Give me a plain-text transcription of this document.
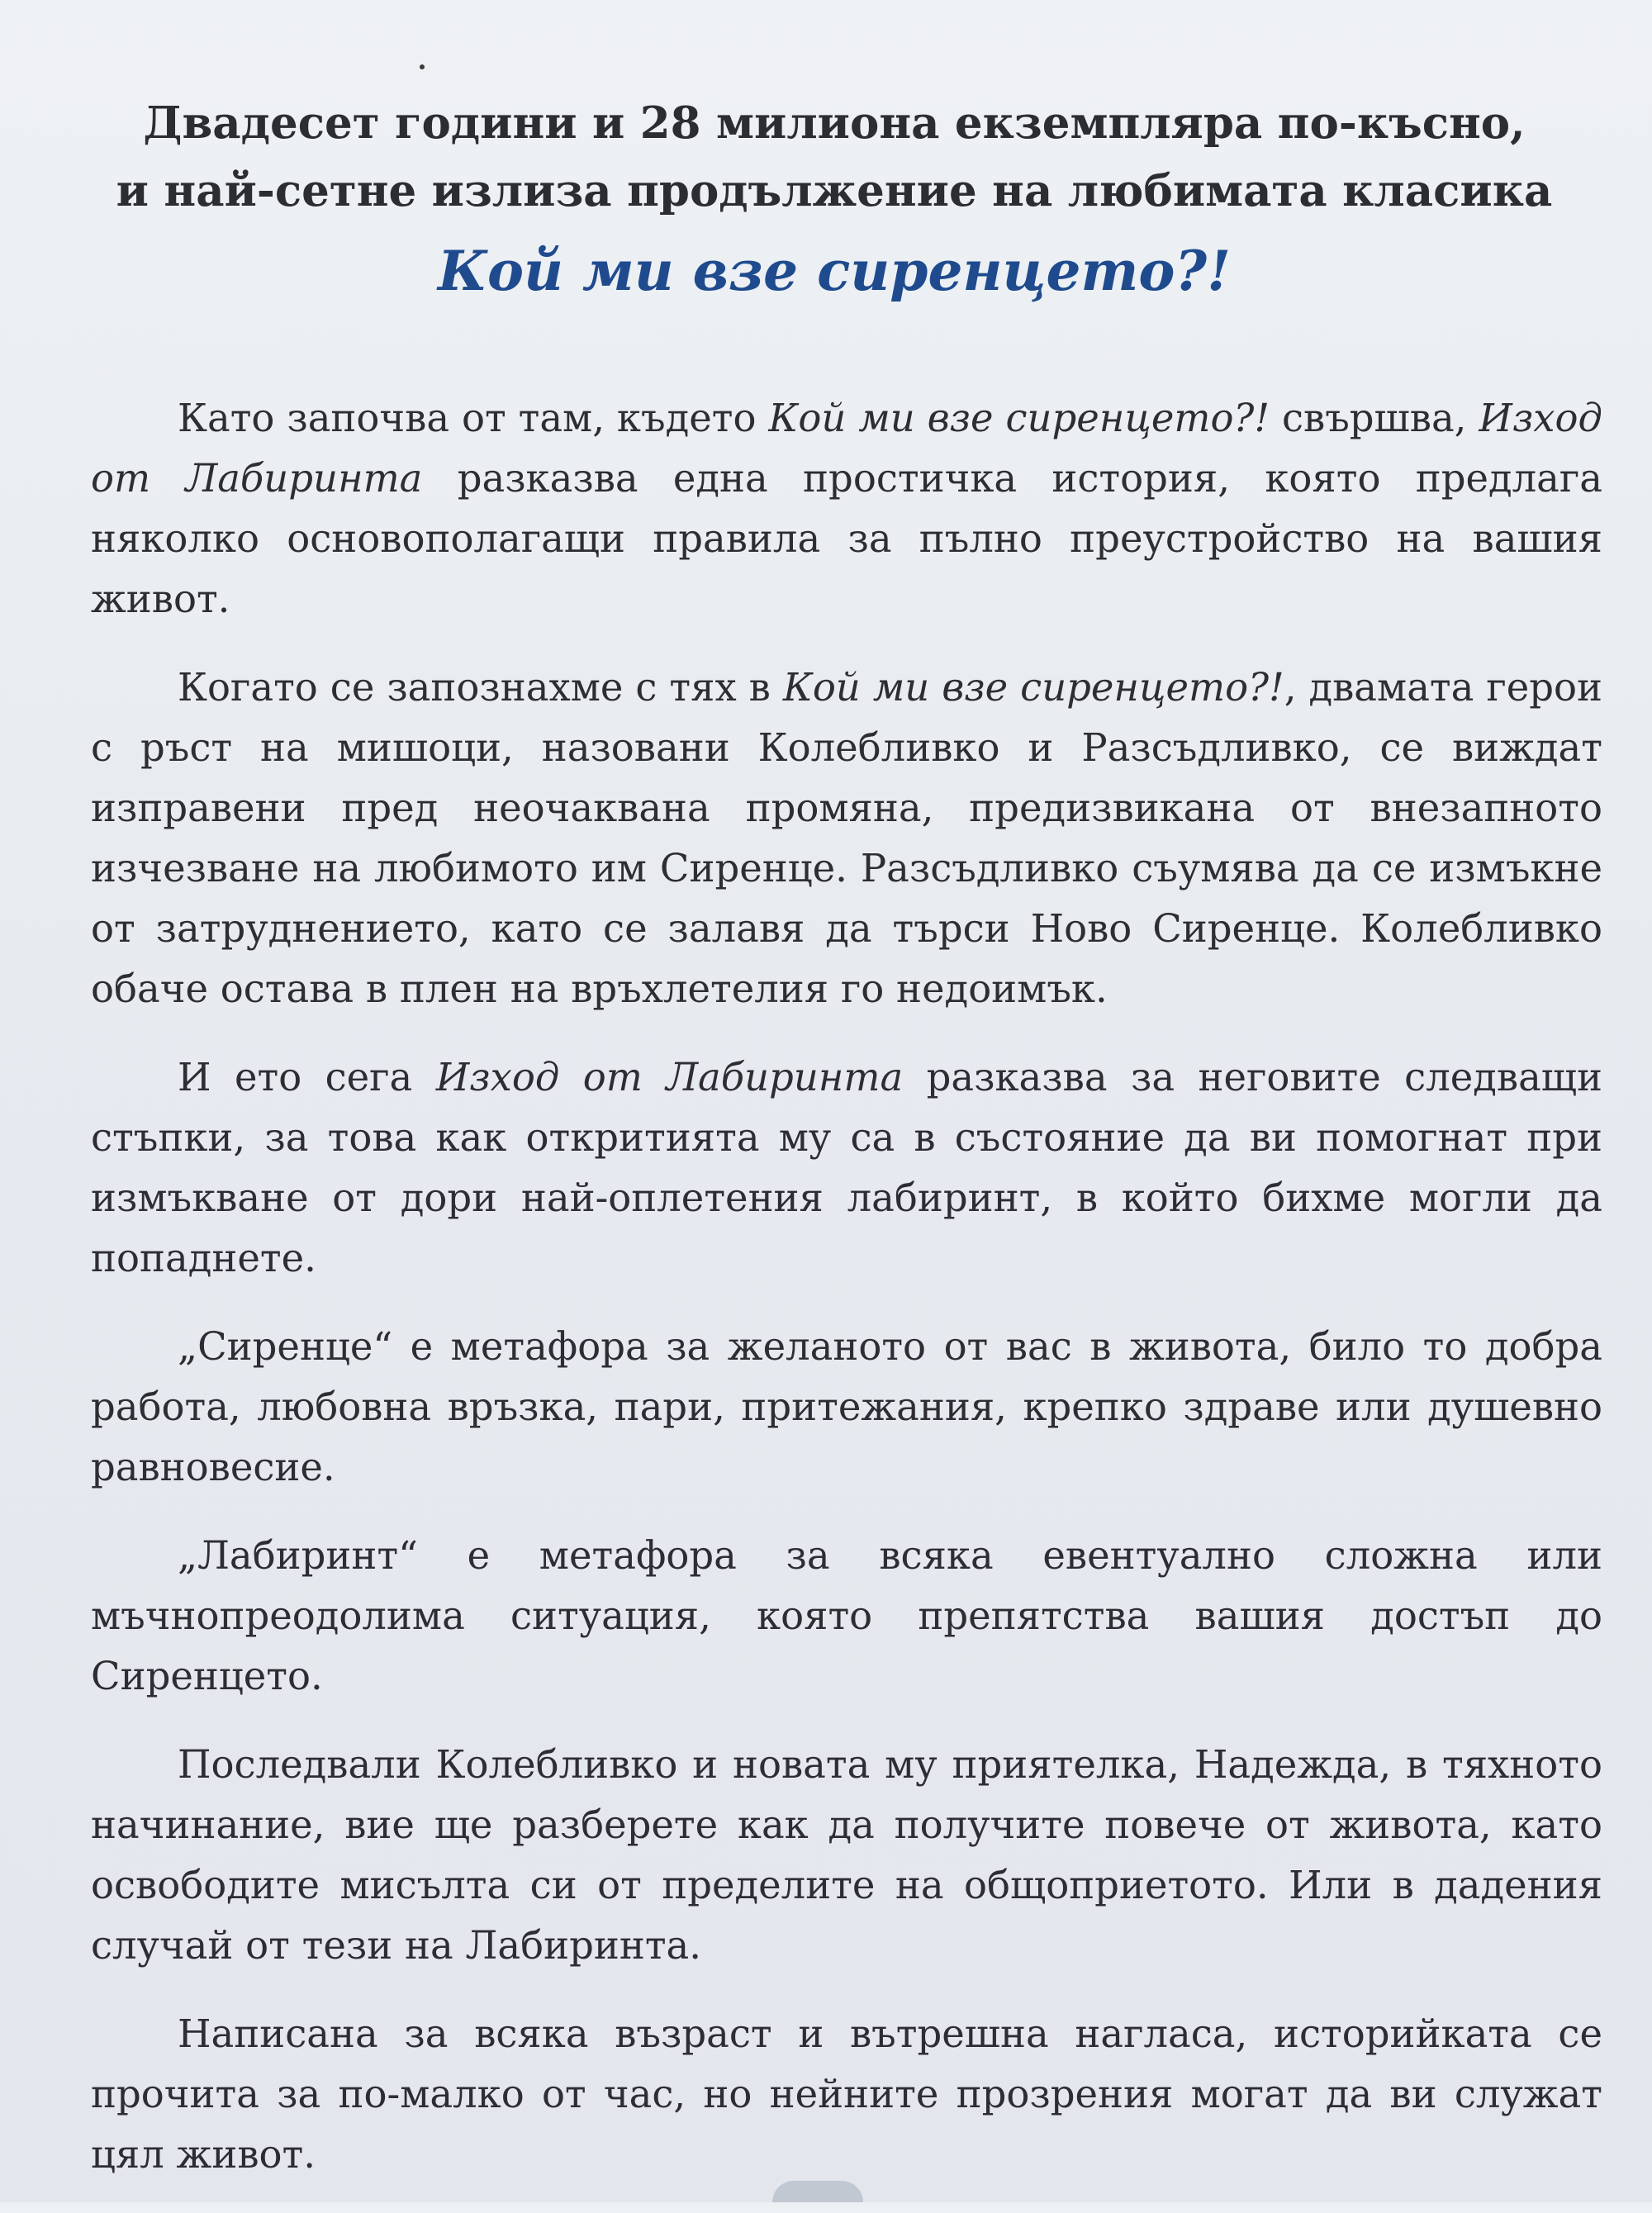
Двадесет години и 28 милиона екземпляра по-късно,

и най-сетне излиза продължение на любимата класика

Кой ми взе сиренцето?!

Като започва от там, където Кой ми взе сиренцето?! свършва, Изход от Лабиринта разказва една простичка история, която предлага няколко основополагащи правила за пълно преустройство на вашия живот.

Когато се запознахме с тях в Кой ми взе сиренцето?!, двамата герои с ръст на мишоци, назовани Колебливко и Разсъдливко, се виждат изправени пред неочаквана промяна, предизвикана от внезапното изчезване на любимото им Сиренце. Разсъдливко съумява да се измъкне от затруднението, като се залавя да търси Ново Сиренце. Колебливко обаче остава в плен на връхлетелия го недоимък.

И ето сега Изход от Лабиринта разказва за неговите следващи стъпки, за това как откритията му са в състояние да ви помогнат при измъкване от дори най-оплетения лабиринт, в който бихме могли да попаднете.

„Сиренце“ е метафора за желаното от вас в живота, било то добра работа, любовна връзка, пари, притежания, крепко здраве или душевно равновесие.

„Лабиринт“ е метафора за всяка евентуално сложна или мъчнопреодолима ситуация, която препятства вашия достъп до Сиренцето.

Последвали Колебливко и новата му приятелка, Надежда, в тяхното начинание, вие ще разберете как да получите повече от живота, като освободите мисълта си от пределите на общоприетото. Или в дадения случай от тези на Лабиринта.

Написана за всяка възраст и вътрешна нагласа, историйката се прочита за по-малко от час, но нейните прозрения могат да ви служат цял живот.
